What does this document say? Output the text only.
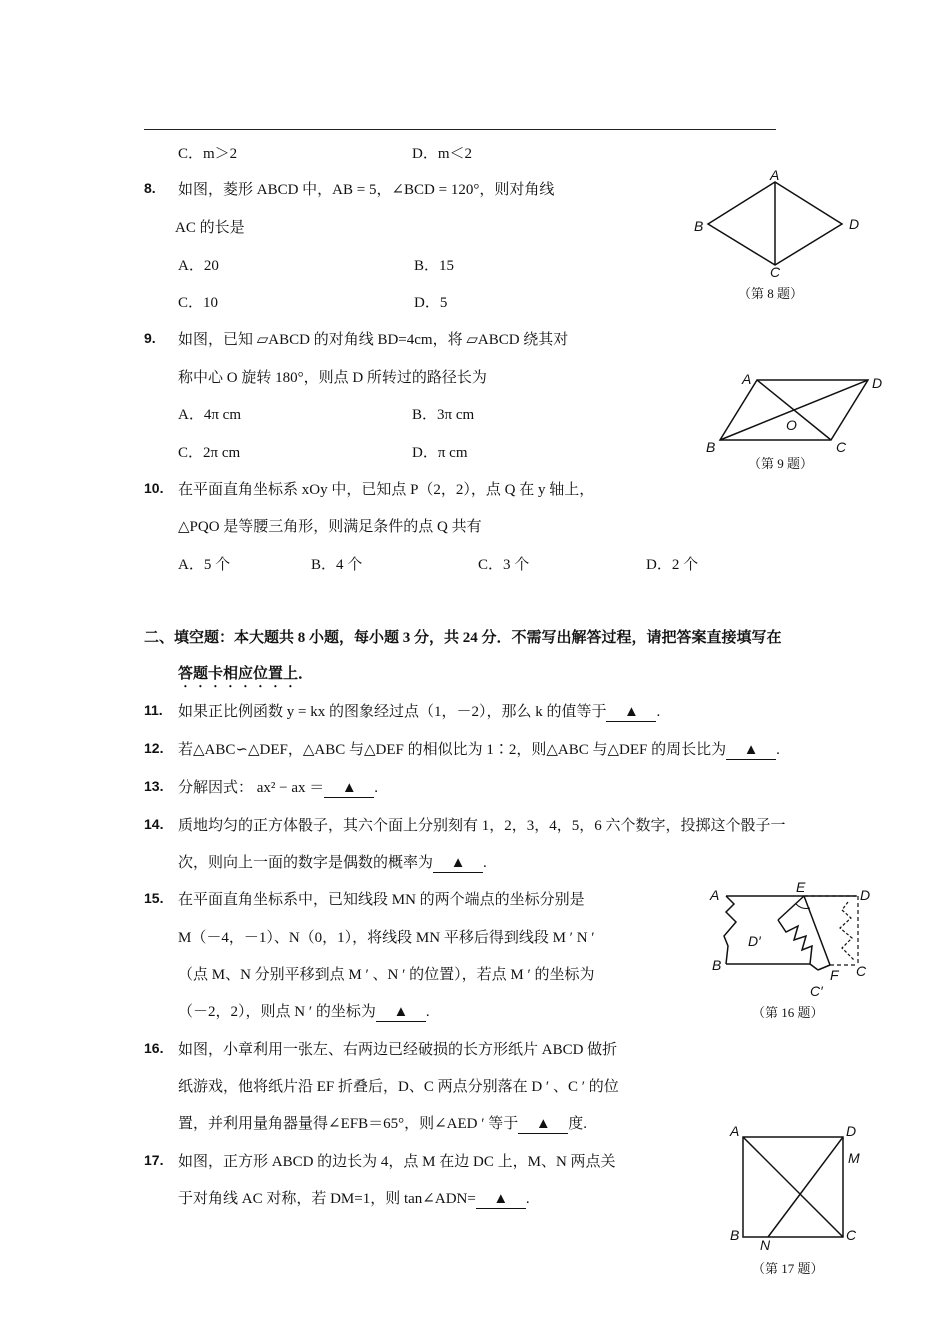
C．m＞2	D．m＜2
8. 如图，菱形 ABCD 中，AB = 5，∠BCD = 120°，则对角线
AC 的长是
A．20	B．15
C．10	D．5
A
B
C
D
（第 8 题）
9. 如图，已知 ▱ABCD 的对角线 BD=4cm，将 ▱ABCD 绕其对
称中心 O 旋转 180°，则点 D 所转过的路径长为
A．4π cm	B．3π cm
C．2π cm	D．π cm
A	D
B	C
O
（第 9 题）
10. 在平面直角坐标系 xOy 中，已知点 P（2，2），点 Q 在 y 轴上，
△PQO 是等腰三角形，则满足条件的点 Q 共有
A．5 个	B．4 个	C．3 个	D．2 个
二、填空题：本大题共 8 小题，每小题 3 分，共 24 分．不需写出解答过程，请把答案直接填写在
答题卡相应位置上．
11. 如果正比例函数 y = kx 的图象经过点（1，－2），那么 k 的值等于 ▲ .
12. 若△ABC∽△DEF，△ABC 与△DEF 的相似比为 1∶2，则△ABC 与△DEF 的周长比为 ▲ .
13. 分解因式： ax² − ax ＝ ▲ .
14. 质地均匀的正方体骰子，其六个面上分别刻有 1，2，3，4，5，6 六个数字，投掷这个骰子一
次，则向上一面的数字是偶数的概率为 ▲ .
15. 在平面直角坐标系中，已知线段 MN 的两个端点的坐标分别是
M（－4，－1）、N（0，1），将线段 MN 平移后得到线段 M ′ N ′
（点 M、N 分别平移到点 M ′ 、N ′ 的位置），若点 M ′ 的坐标为
（－2，2），则点 N ′ 的坐标为 ▲ .
A	E	D
D′
B
F C
C′
（第 16 题）
16. 如图，小章利用一张左、右两边已经破损的长方形纸片 ABCD 做折
纸游戏，他将纸片沿 EF 折叠后，D、C 两点分别落在 D ′ 、C ′ 的位
置，并利用量角器量得∠EFB＝65°，则∠AED ′ 等于 ▲ 度.
17. 如图，正方形 ABCD 的边长为 4，点 M 在边 DC 上，M、N 两点关
于对角线 AC 对称，若 DM=1，则 tan∠ADN= ▲ .
A	D
M
B
N
C
（第 17 题）
